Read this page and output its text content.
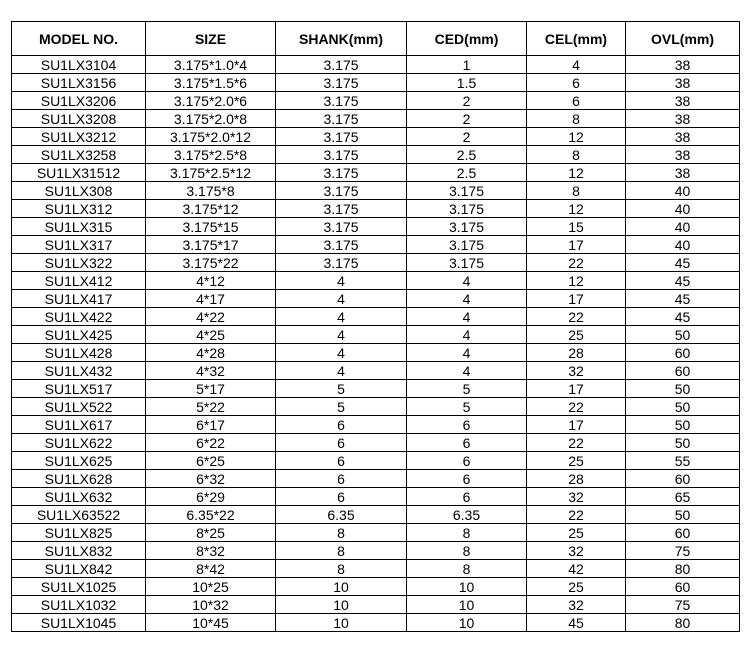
MODEL NO.	SIZE	SHANK(mm)	CED(mm)	CEL(mm)	OVL(mm)
SU1LX3104	3.175*1.0*4	3.175	1	4	38
SU1LX3156	3.175*1.5*6	3.175	1.5	6	38
SU1LX3206	3.175*2.0*6	3.175	2	6	38
SU1LX3208	3.175*2.0*8	3.175	2	8	38
SU1LX3212	3.175*2.0*12	3.175	2	12	38
SU1LX3258	3.175*2.5*8	3.175	2.5	8	38
SU1LX31512	3.175*2.5*12	3.175	2.5	12	38
SU1LX308	3.175*8	3.175	3.175	8	40
SU1LX312	3.175*12	3.175	3.175	12	40
SU1LX315	3.175*15	3.175	3.175	15	40
SU1LX317	3.175*17	3.175	3.175	17	40
SU1LX322	3.175*22	3.175	3.175	22	45
SU1LX412	4*12	4	4	12	45
SU1LX417	4*17	4	4	17	45
SU1LX422	4*22	4	4	22	45
SU1LX425	4*25	4	4	25	50
SU1LX428	4*28	4	4	28	60
SU1LX432	4*32	4	4	32	60
SU1LX517	5*17	5	5	17	50
SU1LX522	5*22	5	5	22	50
SU1LX617	6*17	6	6	17	50
SU1LX622	6*22	6	6	22	50
SU1LX625	6*25	6	6	25	55
SU1LX628	6*32	6	6	28	60
SU1LX632	6*29	6	6	32	65
SU1LX63522	6.35*22	6.35	6.35	22	50
SU1LX825	8*25	8	8	25	60
SU1LX832	8*32	8	8	32	75
SU1LX842	8*42	8	8	42	80
SU1LX1025	10*25	10	10	25	60
SU1LX1032	10*32	10	10	32	75
SU1LX1045	10*45	10	10	45	80
